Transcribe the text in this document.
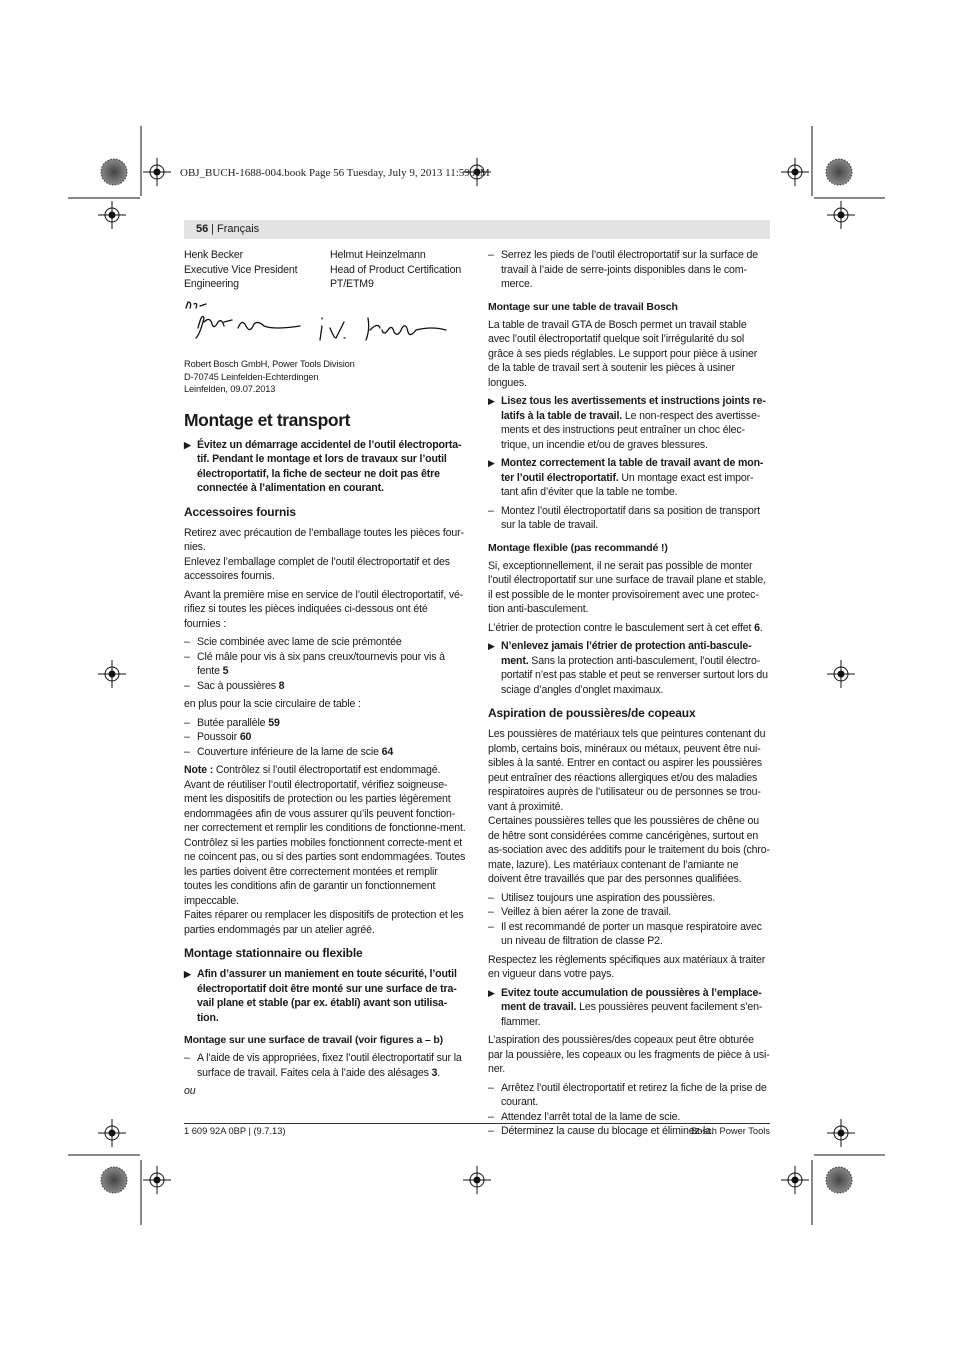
OBJ_BUCH-1688-004.book Page 56 Tuesday, July 9, 2013 11:59 AM
56 | Français

Henk Becker

Executive Vice President

Engineering

Helmut Heinzelmann

Head of Product Certification

PT/ETM9

Robert Bosch GmbH, Power Tools Division

D-70745 Leinfelden-Echterdingen

Leinfelden, 09.07.2013

Montage et transport
▶ Évitez un démarrage accidentel de l’outil électroporta-tif. Pendant le montage et lors de travaux sur l’outil électroportatif, la fiche de secteur ne doit pas être connectée à l’alimentation en courant.
Accessoires fournis

Retirez avec précaution de l’emballage toutes les pièces four-nies.

Enlevez l’emballage complet de l’outil électroportatif et des accessoires fournis.

Avant la première mise en service de l’outil électroportatif, vé-rifiez si toutes les pièces indiquées ci-dessous ont été fournies :

– Scie combinée avec lame de scie prémontée
– Clé mâle pour vis à six pans creux/tournevis pour vis à fente 5
– Sac à poussières 8

en plus pour la scie circulaire de table :

– Butée parallèle 59
– Poussoir 60
– Couverture inférieure de la lame de scie 64

Note : Contrôlez si l’outil électroportatif est endommagé. Avant de réutiliser l’outil électroportatif, vérifiez soigneuse-ment les dispositifs de protection ou les parties légèrement endommagées afin de vous assurer qu’ils peuvent fonction-ner correctement et remplir les conditions de fonctionne-ment. Contrôlez si les parties mobiles fonctionnent correcte-ment et ne coincent pas, ou si des parties sont endommagées. Toutes les parties doivent être correctement montées et remplir toutes les conditions afin de garantir un fonctionnement impeccable.

Faites réparer ou remplacer les dispositifs de protection et les parties endommagés par un atelier agréé.

Montage stationnaire ou flexible
▶ Afin d’assurer un maniement en toute sécurité, l’outil électroportatif doit être monté sur une surface de tra-vail plane et stable (par ex. établi) avant son utilisa-tion.
Montage sur une surface de travail (voir figures a – b)
– A l’aide de vis appropriées, fixez l’outil électroportatif sur la surface de travail. Faites cela à l’aide des alésages 3.

ou

– Serrez les pieds de l’outil électroportatif sur la surface de travail à l’aide de serre-joints disponibles dans le com-merce.
Montage sur une table de travail Bosch

La table de travail GTA de Bosch permet un travail stable avec l’outil électroportatif quelque soit l’irrégularité du sol grâce à ses pieds réglables. Le support pour pièce à usiner de la table de travail sert à soutenir les pièces à usiner longues.

▶ Lisez tous les avertissements et instructions joints re-latifs à la table de travail. Le non-respect des avertisse-ments et des instructions peut entraîner un choc élec-trique, un incendie et/ou de graves blessures.
▶ Montez correctement la table de travail avant de mon-ter l’outil électroportatif. Un montage exact est impor-tant afin d’éviter que la table ne tombe.
– Montez l’outil électroportatif dans sa position de transport sur la table de travail.
Montage flexible (pas recommandé !)

Si, exceptionnellement, il ne serait pas possible de monter l’outil électroportatif sur une surface de travail plane et stable, il est possible de le monter provisoirement avec une protec-tion anti-basculement.

L’étrier de protection contre le basculement sert à cet effet 6.

▶ N’enlevez jamais l’étrier de protection anti-bascule-ment. Sans la protection anti-basculement, l’outil électro-portatif n’est pas stable et peut se renverser surtout lors du sciage d’angles d’onglet maximaux.
Aspiration de poussières/de copeaux

Les poussières de matériaux tels que peintures contenant du plomb, certains bois, minéraux ou métaux, peuvent être nui-sibles à la santé. Entrer en contact ou aspirer les poussières peut entraîner des réactions allergiques et/ou des maladies respiratoires auprès de l’utilisateur ou de personnes se trou-vant à proximité.

Certaines poussières telles que les poussières de chêne ou de hêtre sont considérées comme cancérigènes, surtout en as-sociation avec des additifs pour le traitement du bois (chro-mate, lazure). Les matériaux contenant de l’amiante ne doivent être travaillés que par des personnes qualifiées.

– Utilisez toujours une aspiration des poussières.
– Veillez à bien aérer la zone de travail.
– Il est recommandé de porter un masque respiratoire avec un niveau de filtration de classe P2.

Respectez les règlements spécifiques aux matériaux à traiter en vigueur dans votre pays.

▶ Evitez toute accumulation de poussières à l’emplace-ment de travail. Les poussières peuvent facilement s’en-flammer.

L’aspiration des poussières/des copeaux peut être obturée par la poussière, les copeaux ou les fragments de pièce à usi-ner.

– Arrêtez l’outil électroportatif et retirez la fiche de la prise de courant.
– Attendez l’arrêt total de la lame de scie.
– Déterminez la cause du blocage et éliminez-la.
1 609 92A 0BP | (9.7.13)	Bosch Power Tools
